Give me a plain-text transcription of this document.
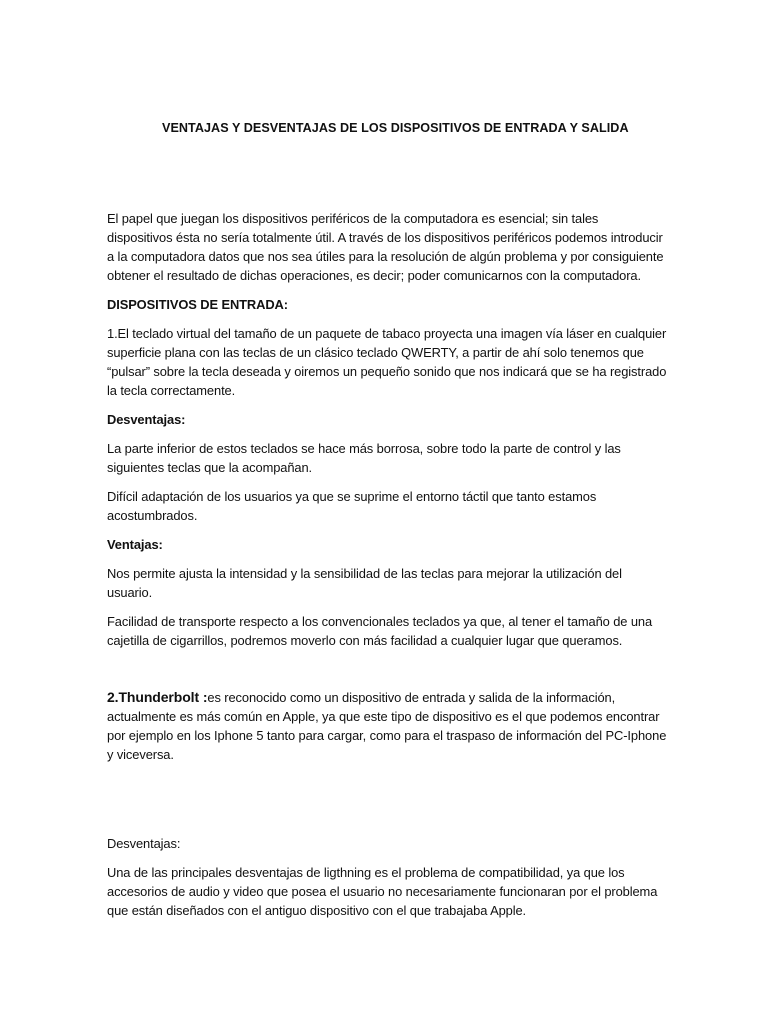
VENTAJAS Y DESVENTAJAS DE LOS DISPOSITIVOS DE ENTRADA Y SALIDA

El papel que juegan los dispositivos periféricos de la computadora es esencial; sin tales dispositivos ésta no sería totalmente útil. A través de los dispositivos periféricos podemos introducir a la computadora datos que nos sea útiles para la resolución de algún problema y por consiguiente obtener el resultado de dichas operaciones, es decir; poder comunicarnos con la computadora.

DISPOSITIVOS DE ENTRADA:

1.El teclado virtual del tamaño de un paquete de tabaco proyecta una imagen vía láser en cualquier superficie plana con las teclas de un clásico teclado QWERTY, a partir de ahí solo tenemos que “pulsar” sobre la tecla deseada y oiremos un pequeño sonido que nos indicará que se ha registrado la tecla correctamente.

Desventajas:

La parte inferior de estos teclados se hace más borrosa, sobre todo la parte de control y las siguientes teclas que la acompañan.

Difícil adaptación de los usuarios ya que se suprime el entorno táctil que tanto estamos acostumbrados.

Ventajas:

Nos permite ajusta la intensidad y la sensibilidad de las teclas para mejorar la utilización del usuario.

Facilidad de transporte respecto a los convencionales teclados ya que, al tener el tamaño de una cajetilla de cigarrillos, podremos moverlo con más facilidad a cualquier lugar que queramos.

2.Thunderbolt :es reconocido como un dispositivo de entrada y salida de la información, actualmente es más común en Apple, ya que este tipo de dispositivo es el que podemos encontrar por ejemplo en los Iphone 5 tanto para cargar, como para el traspaso de información del PC-Iphone y viceversa.

Desventajas:

Una de las principales desventajas de ligthning es el problema de compatibilidad, ya que los accesorios de audio y video que posea el usuario no necesariamente funcionaran por el problema que están diseñados con el antiguo dispositivo con el que trabajaba Apple.
